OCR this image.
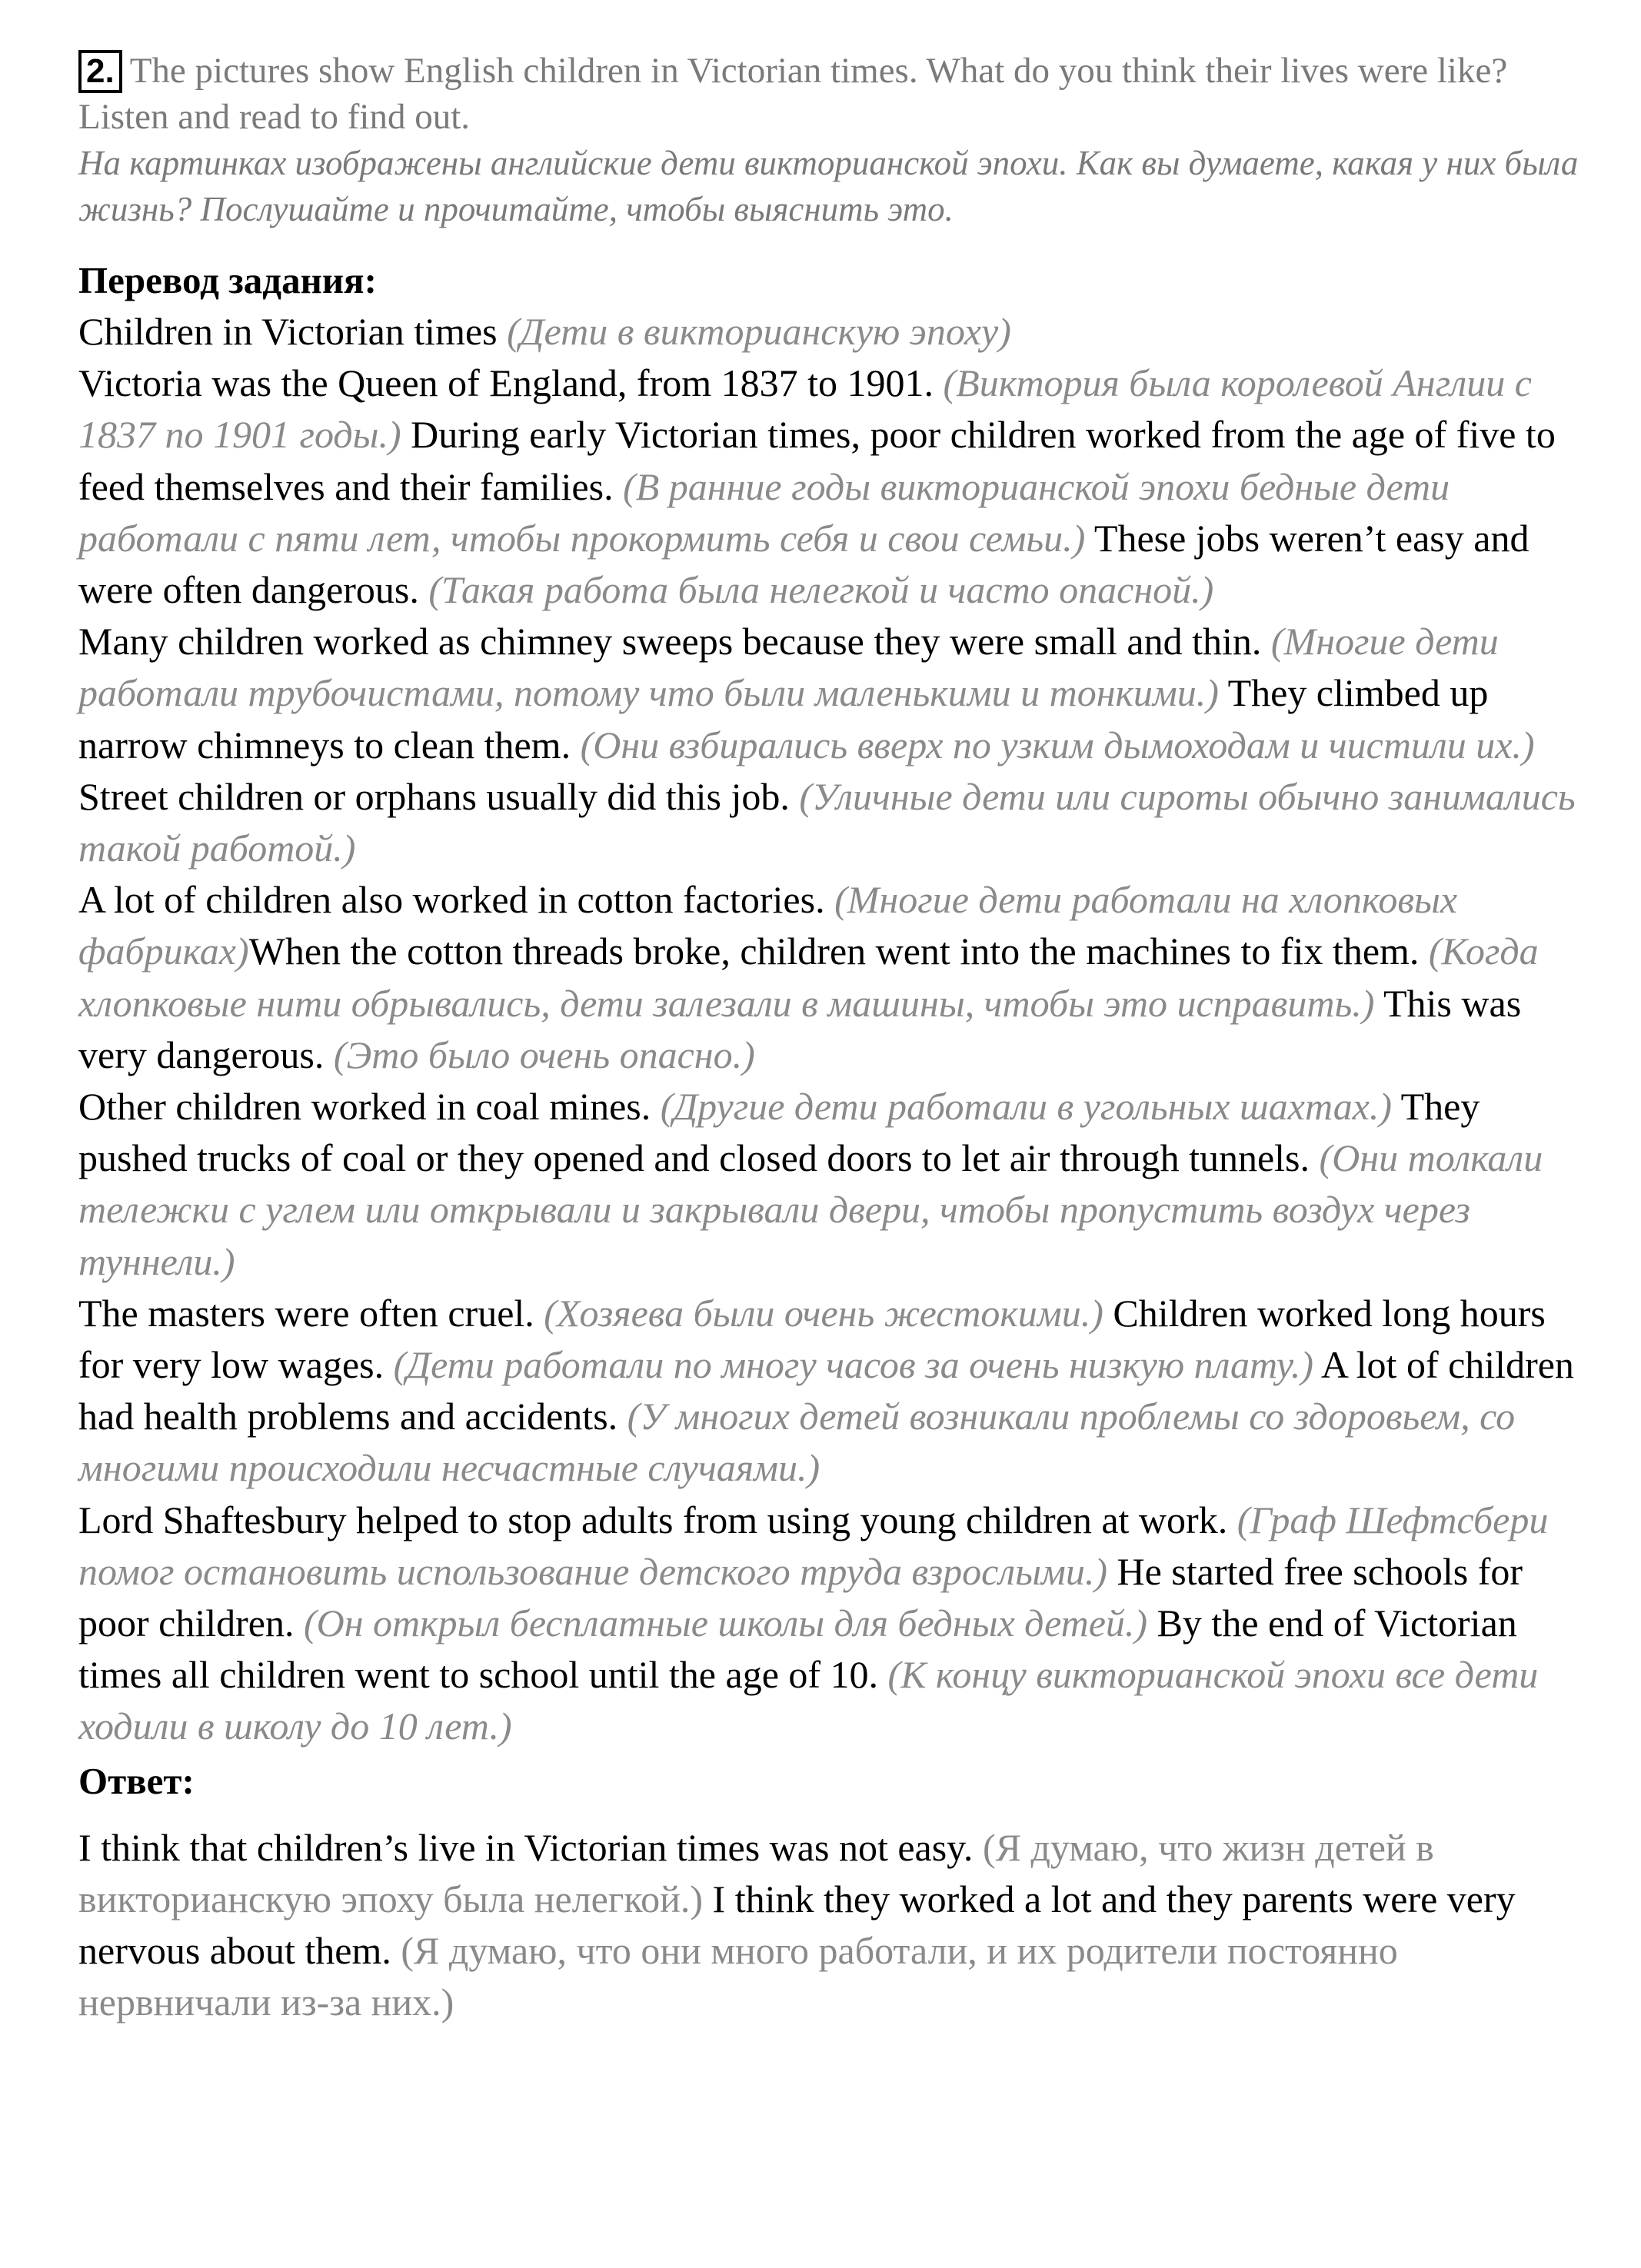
2. The pictures show English children in Victorian times. What do you think their lives were like? Listen and read to find out.
На картинках изображены английские дети викторианской эпохи. Как вы думаете, какая у них была жизнь? Послушайте и прочитайте, чтобы выяснить это.
Перевод задания:

Children in Victorian times (Дети в викторианскую эпоху)

Victoria was the Queen of England, from 1837 to 1901. (Виктория была королевой Англии с 1837 по 1901 годы.) During early Victorian times, poor children worked from the age of five to feed themselves and their families. (В ранние годы викторианской эпохи бедные дети работали с пяти лет, чтобы прокормить себя и свои семьи.) These jobs weren’t easy and were often dangerous. (Такая работа была нелегкой и часто опасной.)

Many children worked as chimney sweeps because they were small and thin. (Многие дети работали трубочистами, потому что были маленькими и тонкими.) They climbed up narrow chimneys to clean them. (Они взбирались вверх по узким дымоходам и чистили их.) Street children or orphans usually did this job. (Уличные дети или сироты обычно занимались такой работой.)

A lot of children also worked in cotton factories. (Многие дети работали на хлопковых фабриках)When the cotton threads broke, children went into the machines to fix them. (Когда хлопковые нити обрывались, дети залезали в машины, чтобы это исправить.) This was very dangerous. (Это было очень опасно.)

Other children worked in coal mines. (Другие дети работали в угольных шахтах.) They pushed trucks of coal or they opened and closed doors to let air through tunnels. (Они толкали тележки с углем или открывали и закрывали двери, чтобы пропустить воздух через туннели.)

The masters were often cruel. (Хозяева были очень жестокими.) Children worked long hours for very low wages. (Дети работали по многу часов за очень низкую плату.) A lot of children had health problems and accidents. (У многих детей возникали проблемы со здоровьем, со многими происходили несчастные случаями.)

Lord Shaftesbury helped to stop adults from using young children at work. (Граф Шефтсбери помог остановить использование детского труда взрослыми.) He started free schools for poor children. (Он открыл бесплатные школы для бедных детей.) By the end of Victorian times all children went to school until the age of 10. (К концу викторианской эпохи все дети ходили в школу до 10 лет.)

Ответ:

I think that children’s live in Victorian times was not easy. (Я думаю, что жизн детей в викторианскую эпоху была нелегкой.) I think they worked a lot and they parents were very nervous about them. (Я думаю, что они много работали, и их родители постоянно нервничали из-за них.)
